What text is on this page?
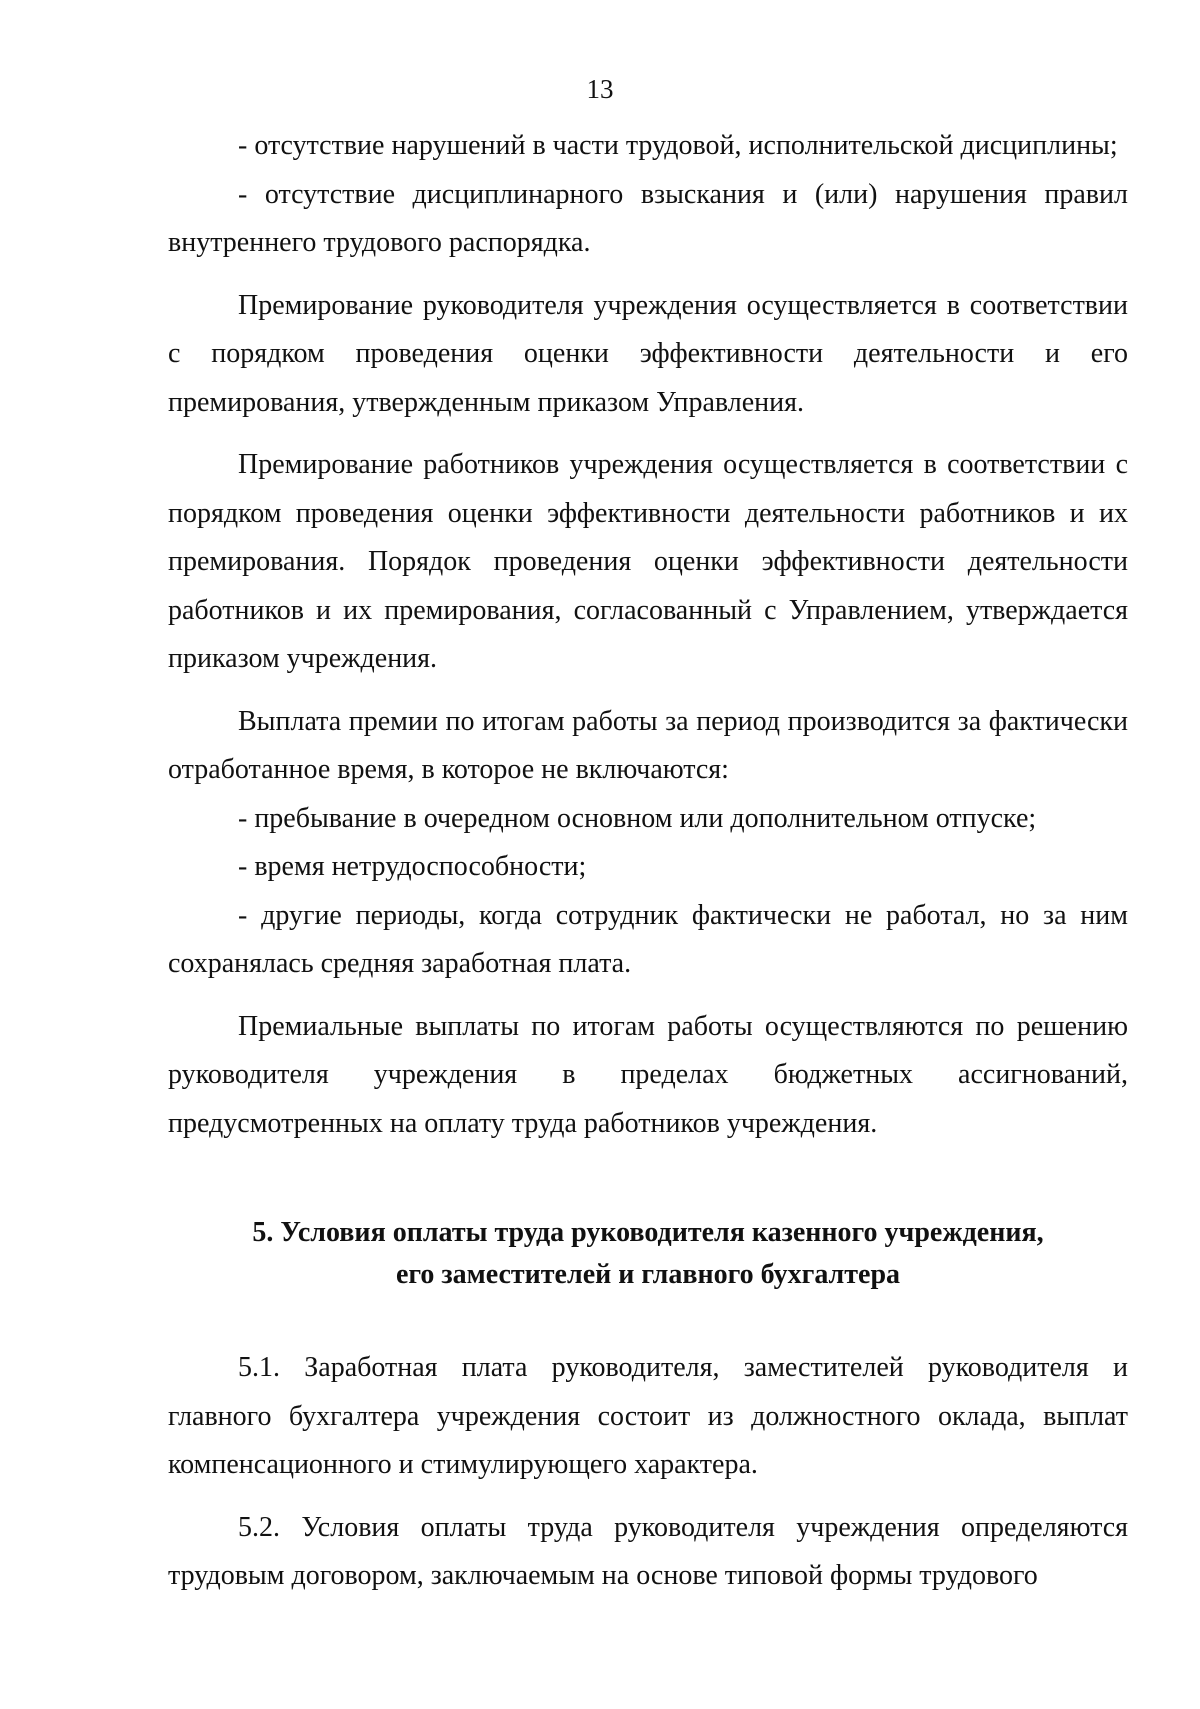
13

- отсутствие нарушений в части трудовой, исполнительской дисциплины;

- отсутствие дисциплинарного взыскания и (или) нарушения правил внутреннего трудового распорядка.

Премирование руководителя учреждения осуществляется в соответствии с порядком проведения оценки эффективности деятельности и его премирования, утвержденным приказом Управления.

Премирование работников учреждения осуществляется в соответствии с порядком проведения оценки эффективности деятельности работников и их премирования. Порядок проведения оценки эффективности деятельности работников и их премирования, согласованный с Управлением, утверждается приказом учреждения.

Выплата премии по итогам работы за период производится за фактически отработанное время, в которое не включаются:

- пребывание в очередном основном или дополнительном отпуске;

- время нетрудоспособности;

- другие периоды, когда сотрудник фактически не работал, но за ним сохранялась средняя заработная плата.

Премиальные выплаты по итогам работы осуществляются по решению руководителя учреждения в пределах бюджетных ассигнований, предусмотренных на оплату труда работников учреждения.

5. Условия оплаты труда руководителя казенного учреждения,
его заместителей и главного бухгалтера

5.1. Заработная плата руководителя, заместителей руководителя и главного бухгалтера учреждения состоит из должностного оклада, выплат компенсационного и стимулирующего характера.

5.2. Условия оплаты труда руководителя учреждения определяются трудовым договором, заключаемым на основе типовой формы трудового
